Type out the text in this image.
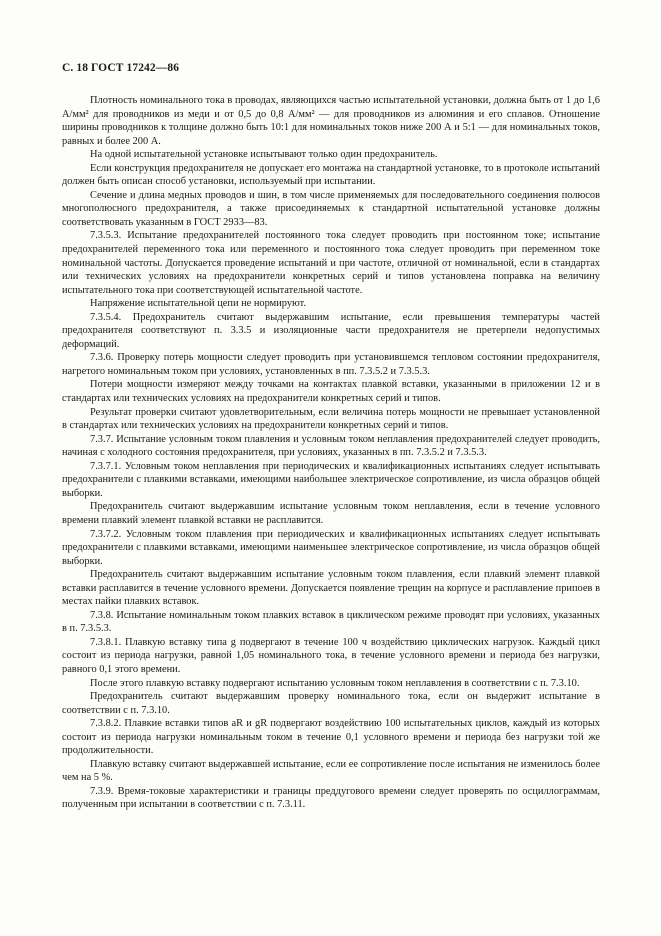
С. 18 ГОСТ 17242—86

Плотность номинального тока в проводах, являющихся частью испытательной установки, должна быть от 1 до 1,6 А/мм² для проводников из меди и от 0,5 до 0,8 А/мм² — для проводников из алюминия и его сплавов. Отношение ширины проводников к толщине должно быть 10:1 для номинальных токов ниже 200 А и 5:1 — для номинальных токов, равных и более 200 А.

На одной испытательной установке испытывают только один предохранитель.

Если конструкция предохранителя не допускает его монтажа на стандартной установке, то в протоколе испытаний должен быть описан способ установки, используемый при испытании.

Сечение и длина медных проводов и шин, в том числе применяемых для последовательного соединения полюсов многополюсного предохранителя, а также присоединяемых к стандартной испытательной установке должны соответствовать указанным в ГОСТ 2933—83.

7.3.5.3. Испытание предохранителей постоянного тока следует проводить при постоянном токе; испытание предохранителей переменного тока или переменного и постоянного тока следует проводить при переменном токе номинальной частоты. Допускается проведение испытаний и при частоте, отличной от номинальной, если в стандартах или технических условиях на предохранители конкретных серий и типов установлена поправка на величину испытательного тока при соответствующей испытательной частоте.

Напряжение испытательной цепи не нормируют.

7.3.5.4. Предохранитель считают выдержавшим испытание, если превышения температуры частей предохранителя соответствуют п. 3.3.5 и изоляционные части предохранителя не претерпели недопустимых деформаций.

7.3.6. Проверку потерь мощности следует проводить при установившемся тепловом состоянии предохранителя, нагретого номинальным током при условиях, установленных в пп. 7.3.5.2 и 7.3.5.3.

Потери мощности измеряют между точками на контактах плавкой вставки, указанными в приложении 12 и в стандартах или технических условиях на предохранители конкретных серий и типов.

Результат проверки считают удовлетворительным, если величина потерь мощности не превышает установленной в стандартах или технических условиях на предохранители конкретных серий и типов.

7.3.7. Испытание условным током плавления и условным током неплавления предохранителей следует проводить, начиная с холодного состояния предохранителя, при условиях, указанных в пп. 7.3.5.2 и 7.3.5.3.

7.3.7.1. Условным током неплавления при периодических и квалификационных испытаниях следует испытывать предохранители с плавкими вставками, имеющими наибольшее электрическое сопротивление, из числа образцов общей выборки.

Предохранитель считают выдержавшим испытание условным током неплавления, если в течение условного времени плавкий элемент плавкой вставки не расплавится.

7.3.7.2. Условным током плавления при периодических и квалификационных испытаниях следует испытывать предохранители с плавкими вставками, имеющими наименьшее электрическое сопротивление, из числа образцов общей выборки.

Предохранитель считают выдержавшим испытание условным током плавления, если плавкий элемент плавкой вставки расплавится в течение условного времени. Допускается появление трещин на корпусе и расплавление припоев в местах пайки плавких вставок.

7.3.8. Испытание номинальным током плавких вставок в циклическом режиме проводят при условиях, указанных в п. 7.3.5.3.

7.3.8.1. Плавкую вставку типа g подвергают в течение 100 ч воздействию циклических нагрузок. Каждый цикл состоит из периода нагрузки, равной 1,05 номинального тока, в течение условного времени и периода без нагрузки, равного 0,1 этого времени.

После этого плавкую вставку подвергают испытанию условным током неплавления в соответствии с п. 7.3.10.

Предохранитель считают выдержавшим проверку номинального тока, если он выдержит испытание в соответствии с п. 7.3.10.

7.3.8.2. Плавкие вставки типов aR и gR подвергают воздействию 100 испытательных циклов, каждый из которых состоит из периода нагрузки номинальным током в течение 0,1 условного времени и периода без нагрузки той же продолжительности.

Плавкую вставку считают выдержавшей испытание, если ее сопротивление после испытания не изменилось более чем на 5 %.

7.3.9. Время-токовые характеристики и границы преддугового времени следует проверять по осциллограммам, полученным при испытании в соответствии с п. 7.3.11.
